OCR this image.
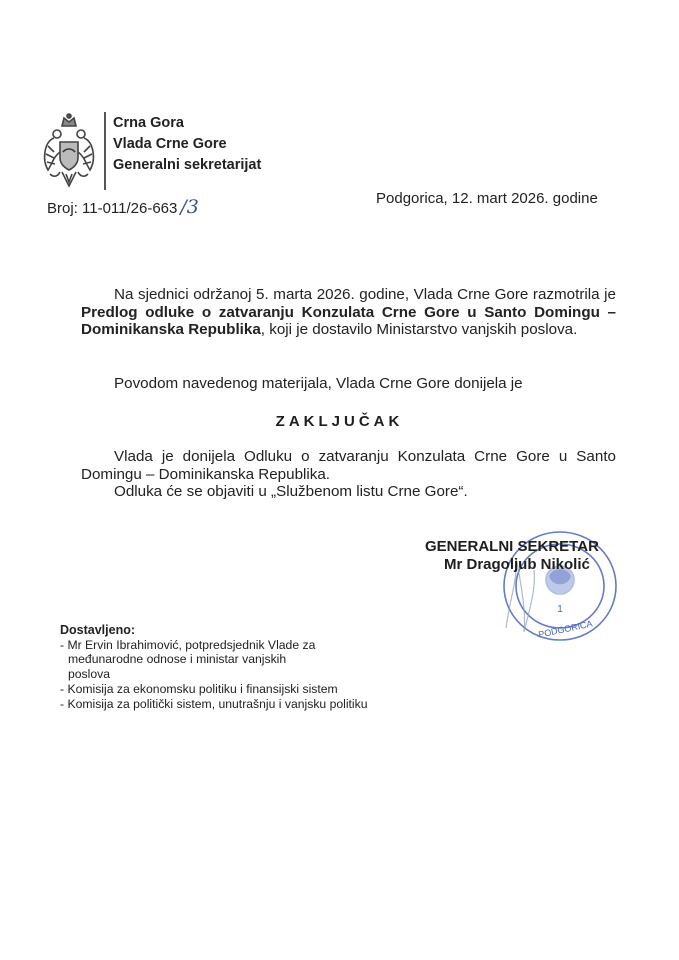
Crna Gora
Vlada Crne Gore
Generalni sekretarijat
Broj: 11-011/26-663 /3	Podgorica, 12. mart 2026. godine
Na sjednici održanoj 5. marta 2026. godine, Vlada Crne Gore razmotrila je Predlog odluke o zatvaranju Konzulata Crne Gore u Santo Domingu – Dominikanska Republika, koji je dostavilo Ministarstvo vanjskih poslova.
Povodom navedenog materijala, Vlada Crne Gore donijela je
ZAKLJUČAK
Vlada je donijela Odluku o zatvaranju Konzulata Crne Gore u Santo Domingu – Dominikanska Republika.
Odluka će se objaviti u „Službenom listu Crne Gore“.
1
PODGORICA
GENERALNI SEKRETAR
Mr Dragoljub Nikolić
Dostavljeno:
- Mr Ervin Ibrahimović, potpredsjednik Vlade za međunarodne odnose i ministar vanjskih poslova
- Komisija za ekonomsku politiku i finansijski sistem
- Komisija za politički sistem, unutrašnju i vanjsku politiku
